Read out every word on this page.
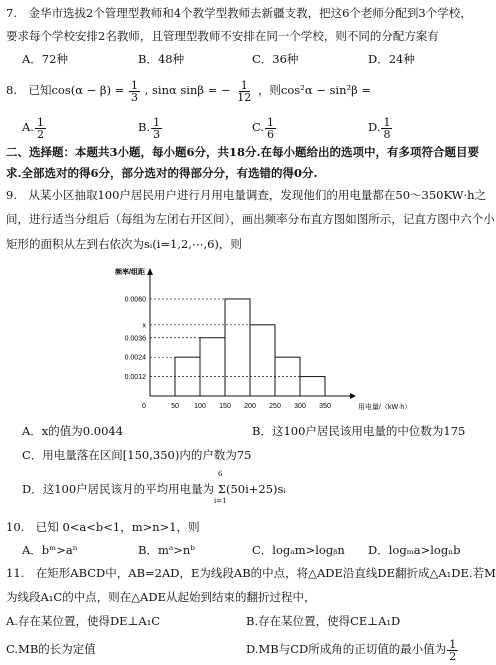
7.　金华市选拔2个管理型教师和4个教学型教师去新疆支教，把这6个老师分配到3个学校，
要求每个学校安排2名教师，且管理型教师不安排在同一个学校，则不同的分配方案有
A．72种	B．48种	C．36种	D．24种
8.　已知$\cos(\alpha - \beta) = \frac{1}{3}$ , sinα sinβ = − $\frac{1}{12}$ ，则cos²α − sin²β =
A. $\frac{1}{2}$	B. $\frac{1}{3}$	C. $\frac{1}{6}$	D. $\frac{1}{8}$
二、选择题：本题共3小题，每小题6分，共18分.在每小题给出的选项中，有多项符合题目要
求.全部选对的得6分，部分选对的得部分分，有选错的得0分.
9.　从某小区抽取100户居民用户进行月用电量调查，发现他们的用电量都在50～350KW·h之
间，进行适当分组后（每组为左闭右开区间），画出频率分布直方图如图所示，记直方图中六个小
矩形的面积从左到右依次为sᵢ(i=1,2,⋯,6)，则
频率/组距
用电量/（kW·h）
0.0012
0.0024
0.0036
x
0.0060
0	50 100 150 200 250 300 350
A．x的值为0.0044	B．这100户居民该用电量的中位数为175
C．用电量落在区间[150,350)内的户数为75
D．这100户居民该月的平均用电量为 Σ(50i+25)sᵢ
6
i=1
10.　已知 0<a<b<1，m>n>1，则
A．bᵐ>aⁿ	B．mᵃ>nᵇ	C．logₐm>logᵦn D．logₘa>logₙb
11.　在矩形ABCD中，AB=2AD，E为线段AB的中点，将△ADE沿直线DE翻折成△A₁DE.若M
为线段A₁C的中点，则在△ADE从起始到结束的翻折过程中，
A.存在某位置，使得DE⊥A₁C	B.存在某位置，使得CE⊥A₁D
C.MB的长为定值	D.MB与CD所成角的正切值的最小值为 $\frac{1}{2}$
